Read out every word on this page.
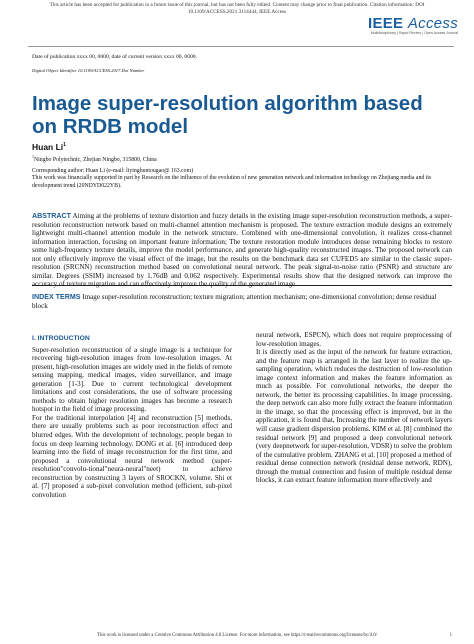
This article has been accepted for publication in a future issue of this journal, but has not been fully edited. Content may change prior to final publication. Citation information: DOI
10.1109/ACCESS.2021.3114444, IEEE Access
IEEE Access
Multidisciplinary | Rapid Review | Open Access Journal
Date of publication xxxx 00, 0000, date of current version xxxx 00, 0000.
Digital Object Identifier 10.1109/ACCESS.2017.Doi Number
Image super-resolution algorithm based on RRDB model
Huan Li$^1$
$^1$Ningbo Polytechnic, Zhejian Ningbo, 315800, China
Corresponding author: Huan Li (e-mail: liyinghuntougao@ 163.com)
This work was financially supported in part by Research on the influence of the evolution of new generation network and information technology on Zhejiang media and its development trend (20NDYD022YB).
ABSTRACT Aiming at the problems of texture distortion and fuzzy details in the existing image super-resolution reconstruction methods, a super-resolution reconstruction network based on multi-channel attention mechanism is proposed. The texture extraction module designs an extremely lightweight multi-channel attention module in the network structure. Combined with one-dimensional convolution, it realizes cross-channel information interaction, focusing on important feature information; The texture restoration module introduces dense remaining blocks to restore some high-frequency texture details, improve the model performance, and generate high-quality reconstructed images. The proposed network can not only effectively improve the visual effect of the image, but the results on the benchmark data set CUFED5 are similar to the classic super-resolution (SRCNN) reconstruction method based on convolutional neural network. The peak signal-to-noise ratio (PSNR) and structure are similar. Degrees (SSIM) increased by 1.76dB and 0.062 respectively. Experimental results show that the designed network can improve the
INDEX TERMS Image super-resolution reconstruction; texture migration; attention mechanism; one-dimensional convolution; dense residual block

I. INTRODUCTION

Super-resolution reconstruction of a single image is a technique for recovering high-resolution images from low-resolution images. At present, high-resolution images are widely used in the fields of remote sensing mapping, medical images, video surveillance, and image generation [1-3]. Due to current technological development limitations and cost considerations, the use of software processing methods to obtain higher resolution images has become a research hotspot in the field of image processing.

For the traditional interpolation [4] and reconstruction [5] methods, there are usually problems such as poor reconstruction effect and blurred edges. With the development of technology, people began to focus on deep learning technology. DONG et al. [6] introduced deep learning into the field of image reconstruction for the first time, and proposed a convolutional neural network method (super-resolution"convolu-tional"neura-neural"neet) to achieve reconstruction by constructing 3 layers of SROCKN, volume. Shi et al. [7] proposed a sub-pixel convolution method (efficient, sub-pixel convolution

neural network, ESPCN), which does not require preprocessing of low-resolution images.

It is directly used as the input of the network for feature extraction, and the feature map is arranged in the last layer to realize the up-sampling operation, which reduces the destruction of low-resolution image context information and makes the feature information as much as possible. For convolutional networks, the deeper the network, the better its processing capabilities. In image processing, the deep network can also more fully extract the feature information in the image, so that the processing effect is improved, but in the application, it is found that, Increasing the number of network layers will cause gradient dispersion problems. KIM et al. [8] combined the residual network [9] and proposed a deep convolutional network (very deepnetwork for super-resolution, VDSR) to solve the problem of the cumulative problem. ZHANG et al. [10] proposed a method of residual dense connection network (residual dense network, RDN), through the mutual connection and fusion of multiple residual dense blocks, it can extract feature information more effectively and

This work is licensed under a Creative Commons Attribution 4.0 License. For more information, see https://creativecommons.org/licenses/by/4.0/	1
